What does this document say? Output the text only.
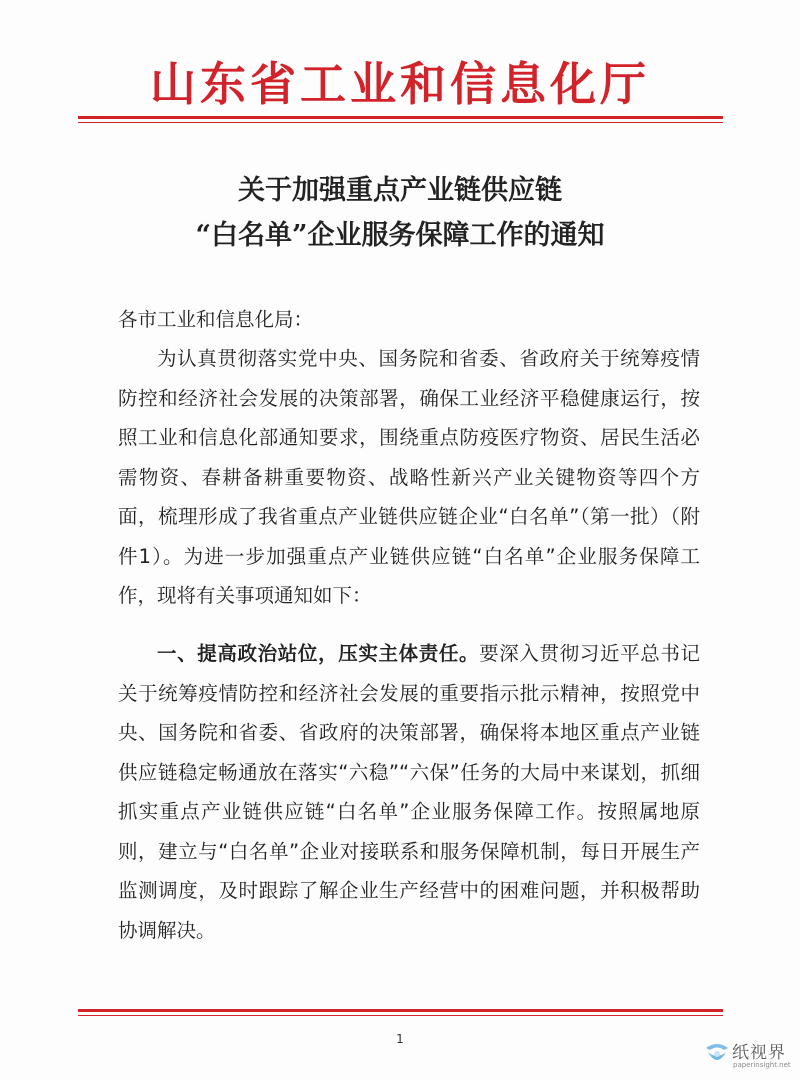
山东省工业和信息化厅
关于加强重点产业链供应链
“白名单”企业服务保障工作的通知
各市工业和信息化局：
为认真贯彻落实党中央、国务院和省委、省政府关于统筹疫情防控和经济社会发展的决策部署，确保工业经济平稳健康运行，按照工业和信息化部通知要求，围绕重点防疫医疗物资、居民生活必需物资、春耕备耕重要物资、战略性新兴产业关键物资等四个方面，梳理形成了我省重点产业链供应链企业“白名单”（第一批）（附件1）。为进一步加强重点产业链供应链“白名单”企业服务保障工作，现将有关事项通知如下：
一、提高政治站位，压实主体责任。要深入贯彻习近平总书记关于统筹疫情防控和经济社会发展的重要指示批示精神，按照党中央、国务院和省委、省政府的决策部署，确保将本地区重点产业链供应链稳定畅通放在落实“六稳”“六保”任务的大局中来谋划，抓细抓实重点产业链供应链“白名单”企业服务保障工作。按照属地原则，建立与“白名单”企业对接联系和服务保障机制，每日开展生产监测调度，及时跟踪了解企业生产经营中的困难问题，并积极帮助协调解决。
1
纸视界
paperinsight.net
